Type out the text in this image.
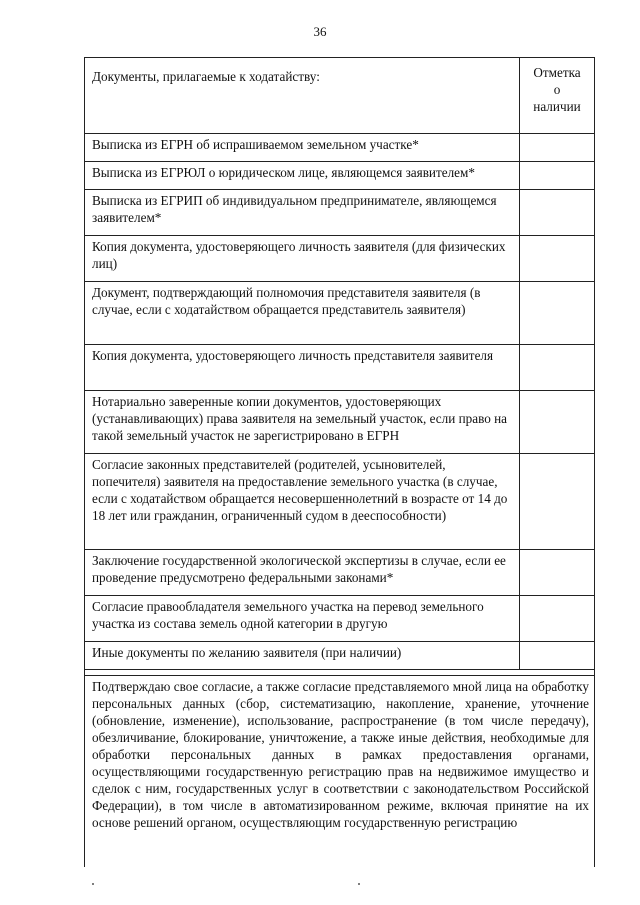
36
Документы, прилагаемые к ходатайству:	Отметка
о
наличии

Выписка из ЕГРН об испрашиваемом земельном участке*	
Выписка из ЕГРЮЛ о юридическом лице, являющемся заявителем*	
Выписка из ЕГРИП об индивидуальном предпринимателе, являющемся заявителем*	
Копия документа, удостоверяющего личность заявителя (для физических лиц)	
Документ, подтверждающий полномочия представителя заявителя (в случае, если с ходатайством обращается представитель заявителя)	
Копия документа, удостоверяющего личность представителя заявителя	
Нотариально заверенные копии документов, удостоверяющих (устанавливающих) права заявителя на земельный участок, если право на такой земельный участок не зарегистрировано в ЕГРН	
Согласие законных представителей (родителей, усыновителей, попечителя) заявителя на предоставление земельного участка (в случае, если с ходатайством обращается несовершеннолетний в возрасте от 14 до 18 лет или гражданин, ограниченный судом в дееспособности)	
Заключение государственной экологической экспертизы в случае, если ее проведение предусмотрено федеральными законами*	
Согласие правообладателя земельного участка на перевод земельного участка из состава земель одной категории в другую	
Иные документы по желанию заявителя (при наличии)	

Подтверждаю свое согласие, а также согласие представляемого мной лица на обработку персональных данных (сбор, систематизацию, накопление, хранение, уточнение (обновление, изменение), использование, распространение (в том числе передачу), обезличивание, блокирование, уничтожение, а также иные действия, необходимые для обработки персональных данных в рамках предоставления органами, осуществляющими государственную регистрацию прав на недвижимое имущество и сделок с ним, государственных услуг в соответствии с законодательством Российской Федерации), в том числе в автоматизированном режиме, включая принятие на их основе решений органом, осуществляющим государственную регистрацию	
